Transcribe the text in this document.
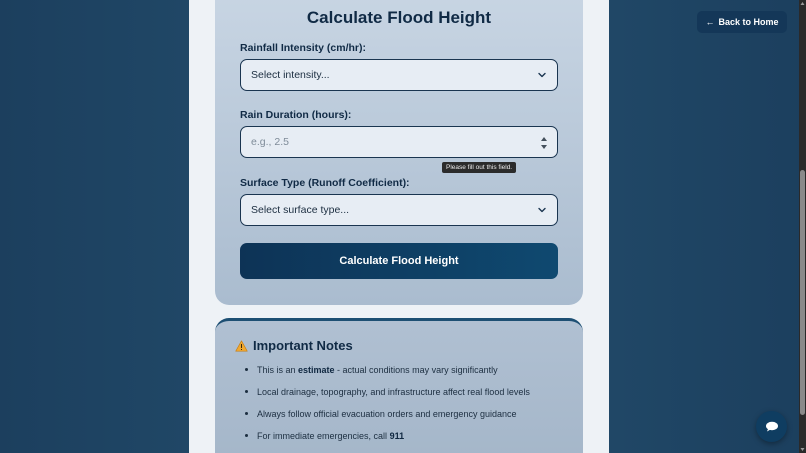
Calculate Flood Height
Rainfall Intensity (cm/hr):
Select intensity...
Rain Duration (hours):
e.g., 2.5
Surface Type (Runoff Coefficient):
Select surface type...
Calculate Flood Height
Please fill out this field.
← Back to Home
Important Notes
This is an estimate - actual conditions may vary significantly
Local drainage, topography, and infrastructure affect real flood levels
Always follow official evacuation orders and emergency guidance
For immediate emergencies, call 911
